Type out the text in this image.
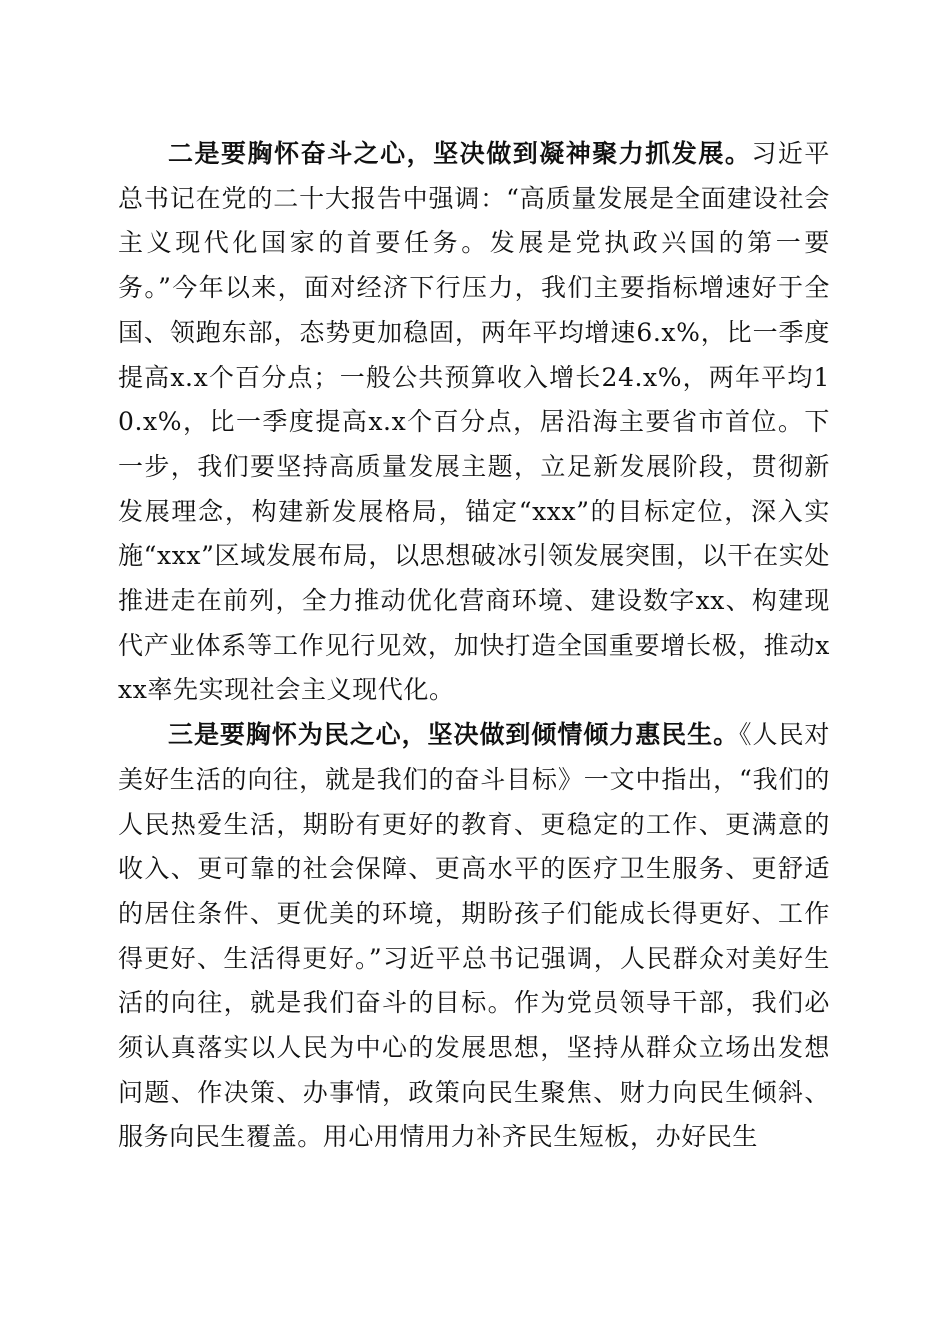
二是要胸怀奋斗之心，坚决做到凝神聚力抓发展。习近平总书记在党的二十大报告中强调：“高质量发展是全面建设社会主义现代化国家的首要任务。发展是党执政兴国的第一要务。”今年以来，面对经济下行压力，我们主要指标增速好于全国、领跑东部，态势更加稳固，两年平均增速6.x%，比一季度提高x.x个百分点；一般公共预算收入增长24.x%，两年平均10.x%，比一季度提高x.x个百分点，居沿海主要省市首位。下一步，我们要坚持高质量发展主题，立足新发展阶段，贯彻新发展理念，构建新发展格局，锚定“xxx”的目标定位，深入实施“xxx”区域发展布局，以思想破冰引领发展突围，以干在实处推进走在前列，全力推动优化营商环境、建设数字xx、构建现代产业体系等工作见行见效，加快打造全国重要增长极，推动xxx率先实现社会主义现代化。

三是要胸怀为民之心，坚决做到倾情倾力惠民生。《人民对美好生活的向往，就是我们的奋斗目标》一文中指出，“我们的人民热爱生活，期盼有更好的教育、更稳定的工作、更满意的收入、更可靠的社会保障、更高水平的医疗卫生服务、更舒适的居住条件、更优美的环境，期盼孩子们能成长得更好、工作得更好、生活得更好。”习近平总书记强调，人民群众对美好生活的向往，就是我们奋斗的目标。作为党员领导干部，我们必须认真落实以人民为中心的发展思想，坚持从群众立场出发想问题、作决策、办事情，政策向民生聚焦、财力向民生倾斜、服务向民生覆盖。用心用情用力补齐民生短板，办好民生
